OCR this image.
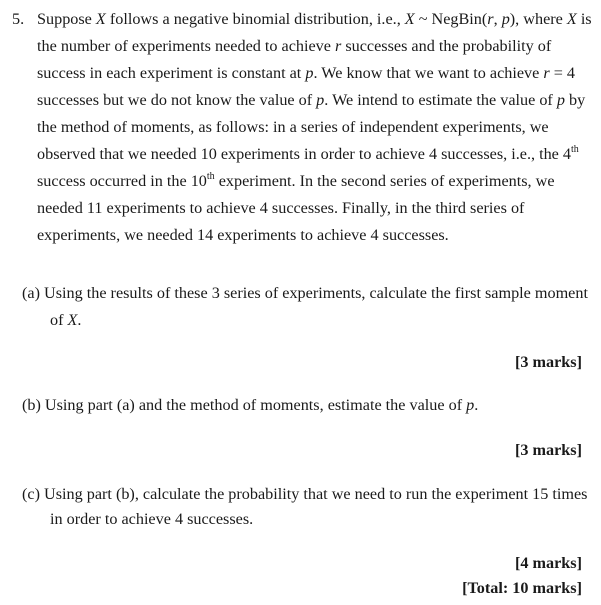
5. Suppose X follows a negative binomial distribution, i.e., X ~ NegBin(r, p), where X is
the number of experiments needed to achieve r successes and the probability of
success in each experiment is constant at p. We know that we want to achieve r = 4
successes but we do not know the value of p. We intend to estimate the value of p by
the method of moments, as follows: in a series of independent experiments, we
observed that we needed 10 experiments in order to achieve 4 successes, i.e., the 4th
success occurred in the 10th experiment. In the second series of experiments, we
needed 11 experiments to achieve 4 successes. Finally, in the third series of
experiments, we needed 14 experiments to achieve 4 successes.
(a) Using the results of these 3 series of experiments, calculate the first sample moment
of X.
[3 marks]
(b) Using part (a) and the method of moments, estimate the value of p.
[3 marks]
(c) Using part (b), calculate the probability that we need to run the experiment 15 times
in order to achieve 4 successes.
[4 marks]
[Total: 10 marks]
